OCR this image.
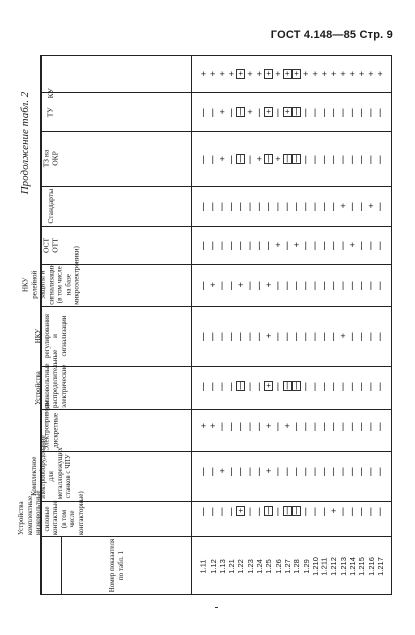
ГОСТ 4.148—85 Стр. 9
Продолжение табл. 2
Номер показателя по табл. 1
КУ
ТУ
ТЗ на ОКР
Стандарты
ОСТ ОТТ
НКУ релейной защиты и сигнализации (в том числе на базе микроэлектроники)
НКУ регулирования и сигнализации
Устройства низковольтные распределительные электрические
Электроприводы дискретные
Комплектное электрооборудование для металлорежущих станков с ЧПУ
Устройства комплектные низковольтные силовые контактные (в том числе контакторные)
1.11 1.12 1.13 1.21 1.22 1.23 1.24 1.25 1.26 1.27 1.28 1.29 1.210 1.211 1.212 1.213 1.214 1.215 1.216 1.217
| | | | + | | | | | | | | | + | | | | |
| | + | | | | + | | | | | | | | | | | |
+ + | | | | | + | + | | | | | | | | | |
| | | | | | | + | | | | | | | | | | | |
| | | | | | | + | | | | | | | + | | | |
| + | | + | | + | | | | | | | | | | | |
| | | | | | | | + | + | | | | | + | | |
| | | | | | | | | | | | | | | + | | + |
| | + | | | + | + | | | | | | | | | | |
| | + | | + | + | + | | | | | | | | | |
+ + + + + + + + + + + + + + + + + + + +
